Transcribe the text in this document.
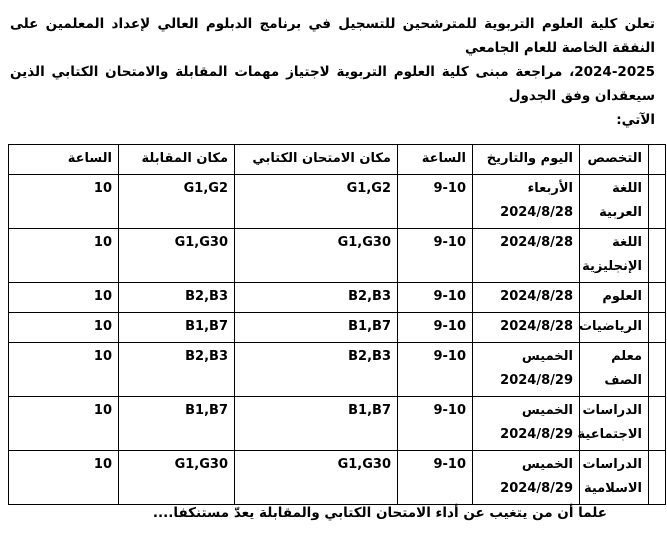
تعلن كلية العلوم التربوية للمترشحين للتسجيل في برنامج الدبلوم العالي لإعداد المعلمين على النفقة الخاصة للعام الجامعي
2024-2025، مراجعة مبنى كلية العلوم التربوية لاجتياز مهمات المقابلة والامتحان الكتابي الذين سيعقدان وفق الجدول
الآتي:
	التخصص	اليوم والتاريخ	الساعة	مكان الامتحان الكتابي	مكان المقابلة	الساعة
	اللغة العربية	الأربعاء 2024/8/28	9-10	G1,G2	G1,G2	10
	اللغة الإنجليزية	2024/8/28	9-10	G1,G30	G1,G30	10
	العلوم	2024/8/28	9-10	B2,B3	B2,B3	10
	الرياضيات	2024/8/28	9-10	B1,B7	B1,B7	10
	معلم الصف	الخميس 2024/8/29	9-10	B2,B3	B2,B3	10
	الدراسات الاجتماعية	الخميس 2024/8/29	9-10	B1,B7	B1,B7	10
	الدراسات الاسلامية	الخميس 2024/8/29	9-10	G1,G30	G1,G30	10

علما أن من يتغيب عن أداء الامتحان الكتابي والمقابلة يعدّ مستنكفا....
